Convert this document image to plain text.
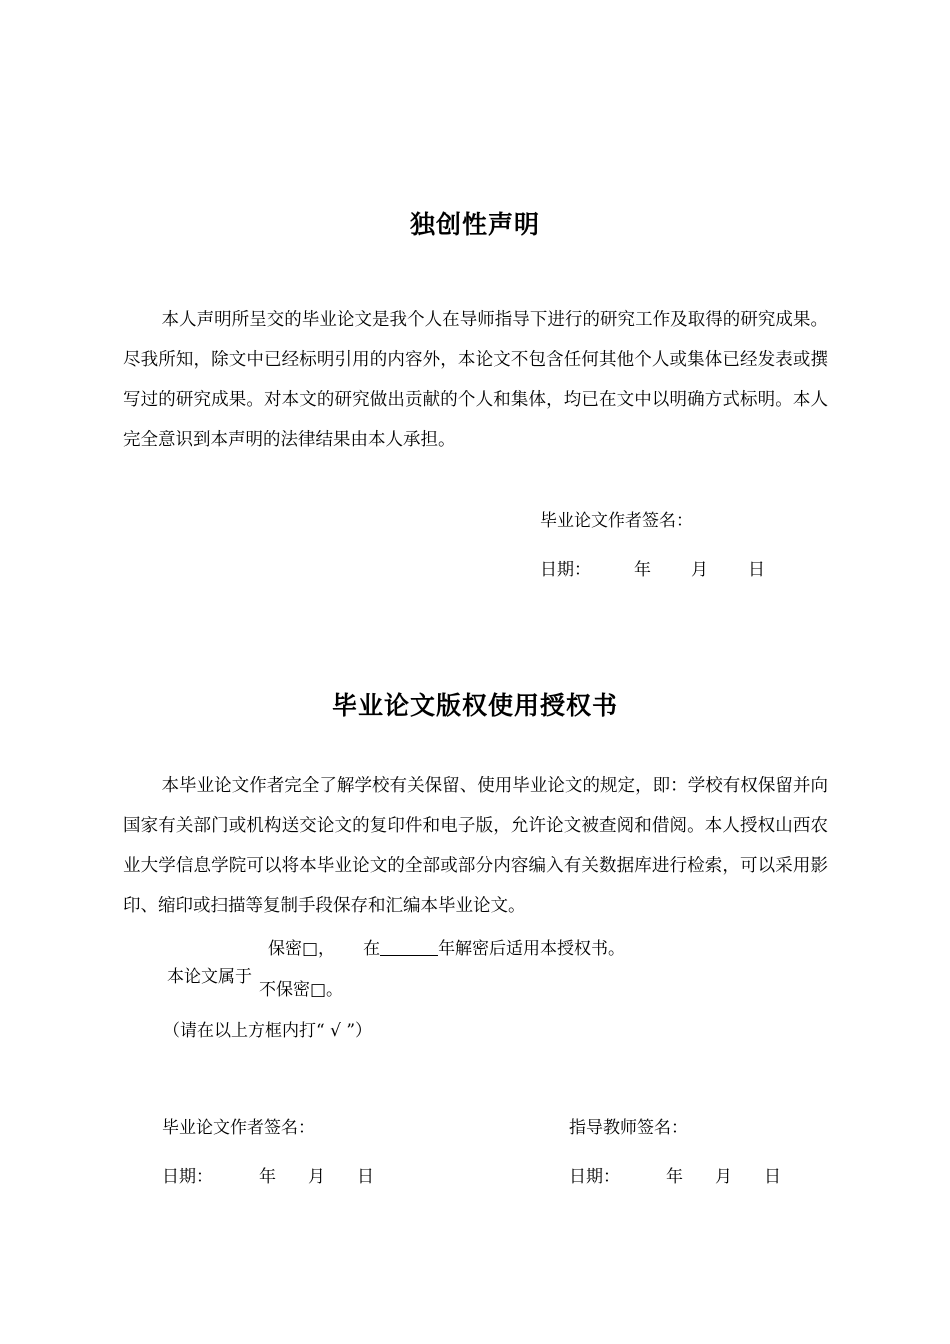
独创性声明
本人声明所呈交的毕业论文是我个人在导师指导下进行的研究工作及取得的研究成果。尽我所知，除文中已经标明引用的内容外，本论文不包含任何其他个人或集体已经发表或撰写过的研究成果。对本文的研究做出贡献的个人和集体，均已在文中以明确方式标明。本人完全意识到本声明的法律结果由本人承担。
毕业论文作者签名：
日期：	年 月 日
毕业论文版权使用授权书
本毕业论文作者完全了解学校有关保留、使用毕业论文的规定，即：学校有权保留并向国家有关部门或机构送交论文的复印件和电子版，允许论文被查阅和借阅。本人授权山西农业大学信息学院可以将本毕业论文的全部或部分内容编入有关数据库进行检索，可以采用影印、缩印或扫描等复制手段保存和汇编本毕业论文。
保密□， 在	年解密后适用本授权书。
本论文属于
不保密□。
（请在以上方框内打“ √ ”）
毕业论文作者签名：	指导教师签名：
日期：	年 月 日	日期：	年 月 日
